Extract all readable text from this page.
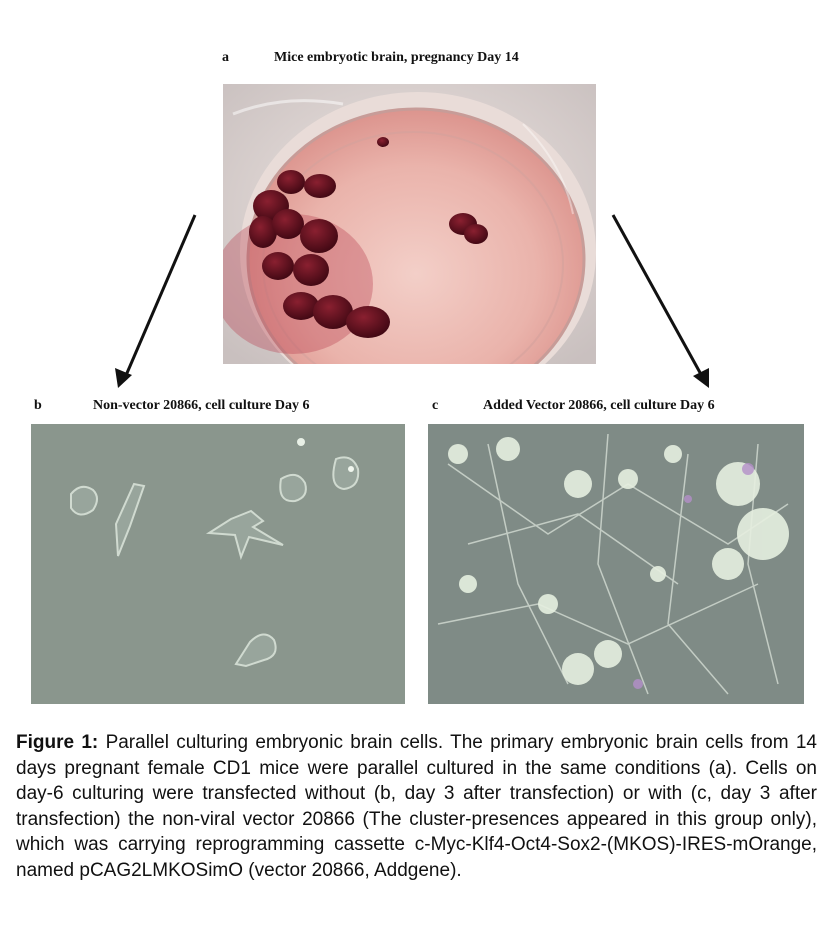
a	Mice embryotic brain, pregnancy Day 14
b	Non-vector 20866, cell culture Day 6	c	Added Vector 20866, cell culture Day 6
Figure 1: Parallel culturing embryonic brain cells. The primary embryonic brain cells from 14 days pregnant female CD1 mice were parallel cultured in the same conditions (a). Cells on day-6 culturing were transfected without (b, day 3 after transfection) or with (c, day 3 after transfection) the non-viral vector 20866 (The cluster-presences appeared in this group only), which was carrying reprogramming cassette c-Myc-Klf4-Oct4-Sox2-(MKOS)-IRES-mOrange, named pCAG2LMKOSimO (vector 20866, Addgene).
